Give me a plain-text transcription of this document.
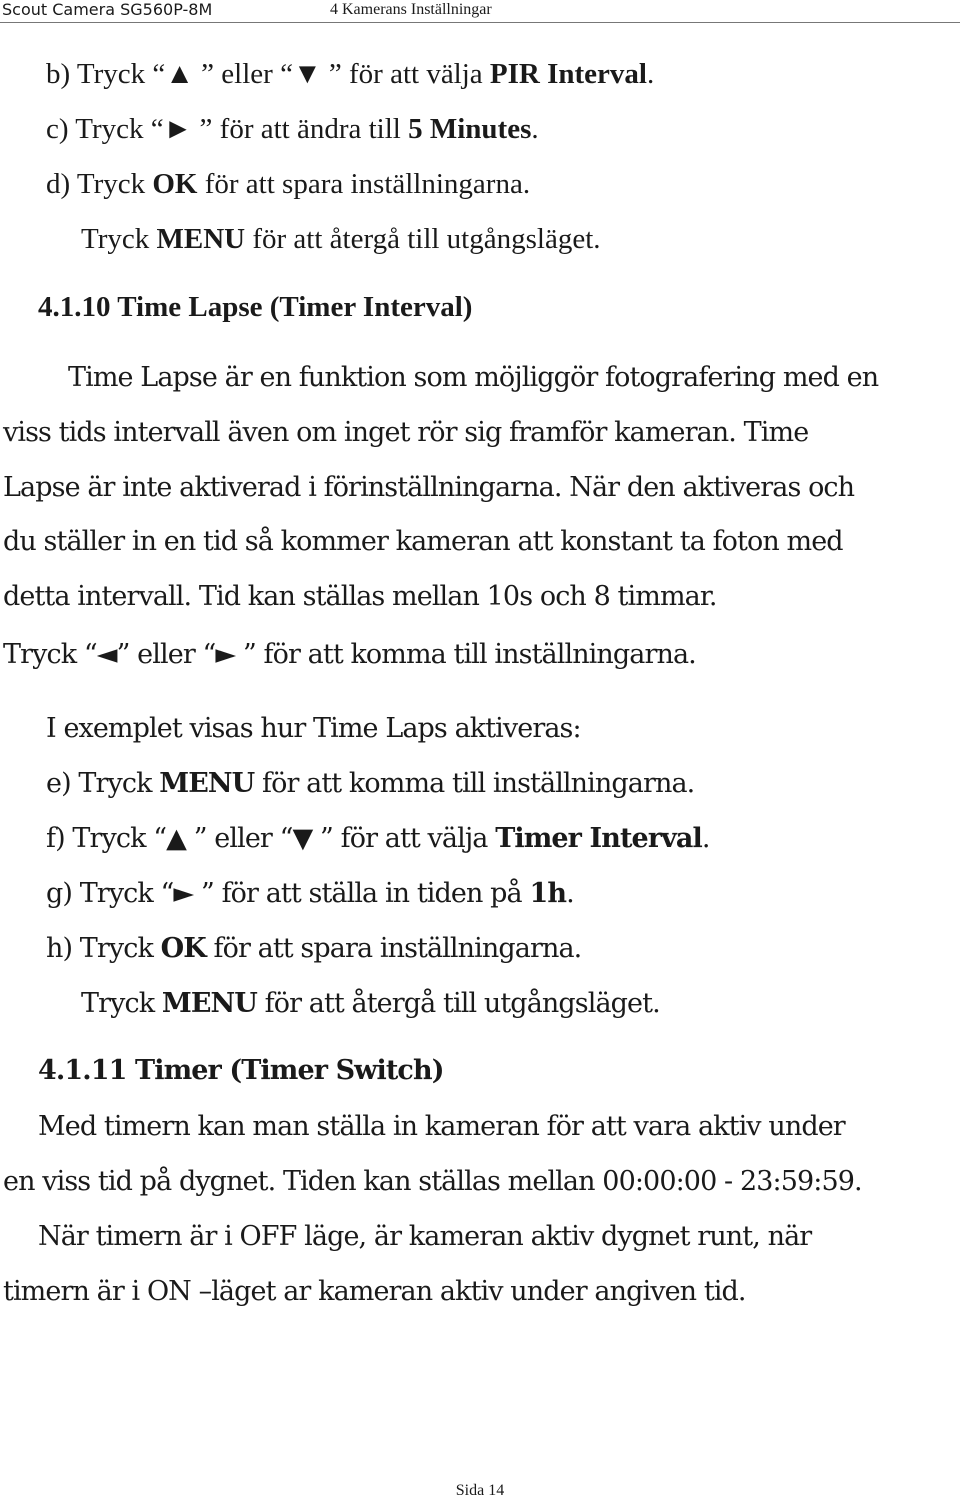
Scout Camera SG560P-8M	4 Kamerans Inställningar
b) Tryck “▲ ” eller “▼ ” för att välja PIR Interval.
c) Tryck “► ” för att ändra till 5 Minutes.
d) Tryck OK för att spara inställningarna.
Tryck MENU för att återgå till utgångsläget.
4.1.10 Time Lapse (Timer Interval)
Time Lapse är en funktion som möjliggör fotografering med en
viss tids intervall även om inget rör sig framför kameran. Time
Lapse är inte aktiverad i förinställningarna. När den aktiveras och
du ställer in en tid så kommer kameran att konstant ta foton med
detta intervall. Tid kan ställas mellan 10s och 8 timmar.
Tryck “◄” eller “► ” för att komma till inställningarna.
I exemplet visas hur Time Laps aktiveras:
e) Tryck MENU för att komma till inställningarna.
f) Tryck “▲ ” eller “▼ ” för att välja Timer Interval.
g) Tryck “► ” för att ställa in tiden på 1h.
h) Tryck OK för att spara inställningarna.
Tryck MENU för att återgå till utgångsläget.
4.1.11 Timer (Timer Switch)
Med timern kan man ställa in kameran för att vara aktiv under
en viss tid på dygnet. Tiden kan ställas mellan 00:00:00 - 23:59:59.
När timern är i OFF läge, är kameran aktiv dygnet runt, när
timern är i ON –läget ar kameran aktiv under angiven tid.
Sida 14
